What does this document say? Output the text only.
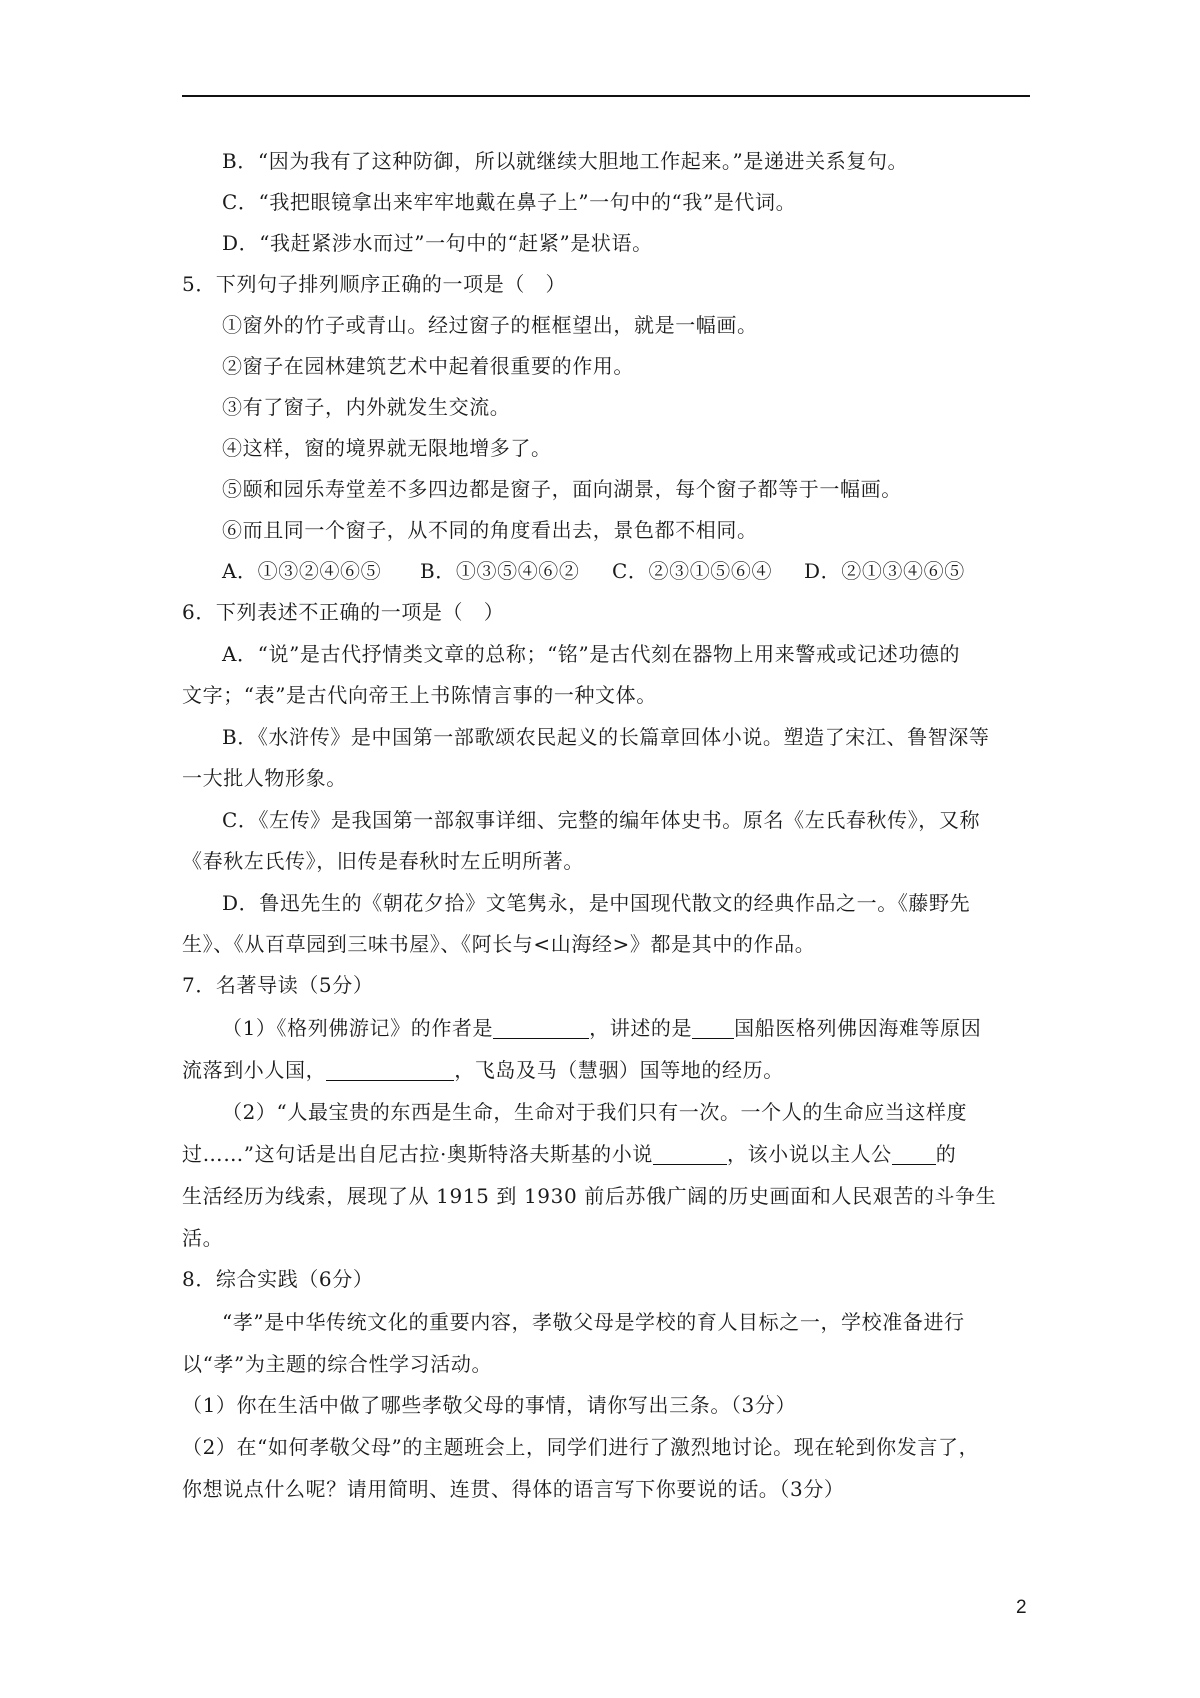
B．“因为我有了这种防御，所以就继续大胆地工作起来。”是递进关系复句。
C．“我把眼镜拿出来牢牢地戴在鼻子上”一句中的“我”是代词。
D．“我赶紧涉水而过”一句中的“赶紧”是状语。
5．下列句子排列顺序正确的一项是（　）
①窗外的竹子或青山。经过窗子的框框望出，就是一幅画。
②窗子在园林建筑艺术中起着很重要的作用。
③有了窗子，内外就发生交流。
④这样，窗的境界就无限地增多了。
⑤颐和园乐寿堂差不多四边都是窗子，面向湖景，每个窗子都等于一幅画。
⑥而且同一个窗子，从不同的角度看出去，景色都不相同。
A．①③②④⑥⑤ B．①③⑤④⑥② C．②③①⑤⑥④ D．②①③④⑥⑤
6．下列表述不正确的一项是（　）
A．“说”是古代抒情类文章的总称；“铭”是古代刻在器物上用来警戒或记述功德的
文字；“表”是古代向帝王上书陈情言事的一种文体。
B．《水浒传》是中国第一部歌颂农民起义的长篇章回体小说。塑造了宋江、鲁智深等
一大批人物形象。
C．《左传》是我国第一部叙事详细、完整的编年体史书。原名《左氏春秋传》，又称
《春秋左氏传》，旧传是春秋时左丘明所著。
D．鲁迅先生的《朝花夕拾》文笔隽永，是中国现代散文的经典作品之一。《藤野先
生》、《从百草园到三味书屋》、《阿长与<山海经>》都是其中的作品。
7．名著导读（5分）
（1）《格列佛游记》的作者是	，讲述的是 国船医格列佛因海难等原因
流落到小人国，	，飞岛及马（慧骃）国等地的经历。
（2）“人最宝贵的东西是生命，生命对于我们只有一次。一个人的生命应当这样度
过……”这句话是出自尼古拉·奥斯特洛夫斯基的小说	，该小说以主人公 的
生活经历为线索，展现了从 1915 到 1930 前后苏俄广阔的历史画面和人民艰苦的斗争生
活。
8．综合实践（6分）
“孝”是中华传统文化的重要内容，孝敬父母是学校的育人目标之一，学校准备进行
以“孝”为主题的综合性学习活动。
（1）你在生活中做了哪些孝敬父母的事情，请你写出三条。（3分）
（2）在“如何孝敬父母”的主题班会上，同学们进行了激烈地讨论。现在轮到你发言了，
你想说点什么呢？请用简明、连贯、得体的语言写下你要说的话。（3分）
2
